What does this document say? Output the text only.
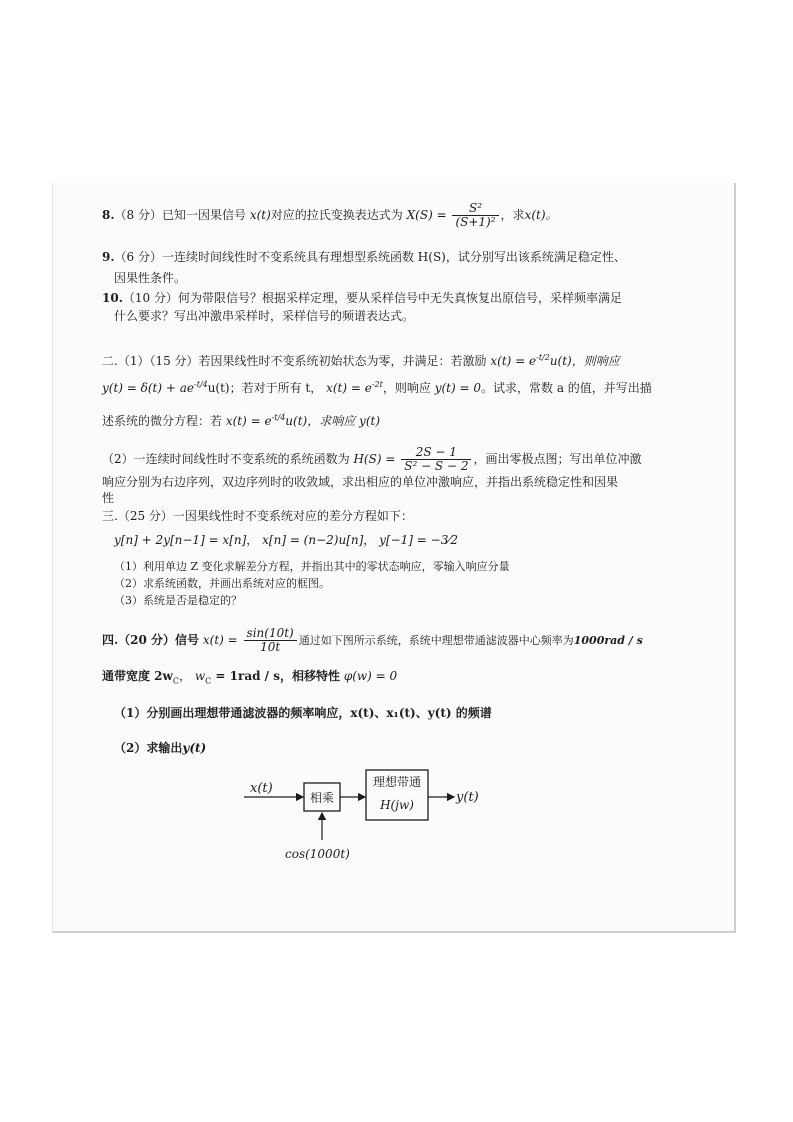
8.（8 分）已知一因果信号 x(t)对应的拉氏变换表达式为 $X(S) = \frac{\text{S²}}{\text{(S+1)²}}$ ，求x(t)。
9.（6 分）一连续时间线性时不变系统具有理想型系统函数 H(S)，试分别写出该系统满足稳定性、
因果性条件。
10.（10 分）何为带限信号？根据采样定理，要从采样信号中无失真恢复出原信号，采样频率满足
什么要求？写出冲激串采样时，采样信号的频谱表达式。
二.（1）（15 分）若因果线性时不变系统初始状态为零，并满足：若激励 $x(t) = e^{-t/2}u(t)$，则响应
$y(t) = \delta(t) + ae^{-t/4}u(t)$；若对于所有 t， $x(t) = e^{-2t}$，则响应 y(t) = 0。试求，常数 a 的值，并写出描
述系统的微分方程：若 $x(t) = e^{-t/4}u(t)$，求响应 y(t)
（2）一连续时间线性时不变系统的系统函数为 $H(S) = \frac{2S - 1}{\text{S² − S − 2}}$ ，画出零极点图；写出单位冲激
响应分别为右边序列，双边序列时的收敛域，求出相应的单位冲激响应，并指出系统稳定性和因果
性
三.（25 分）一因果线性时不变系统对应的差分方程如下：
y[n] + 2y[n−1] = x[n]， x[n] = (n−2)u[n]， y[−1] = −3⁄2
（1）利用单边 Z 变化求解差分方程，并指出其中的零状态响应，零输入响应分量
（2）求系统函数，并画出系统对应的框图。
（3）系统是否是稳定的？
四.（20 分）信号 $x(t) = \frac{\sin(10t)}{10t}$ 通过如下图所示系统，系统中理想带通滤波器中心频率为1000rad / s
通带宽度 $2w_C$， $w_C = 1rad / s$，相移特性 φ(w) = 0
（1）分别画出理想带通滤波器的频率响应，x(t)、x₁(t)、y(t) 的频谱
（2）求输出y(t)
x(t)
相乘
理想带通
H(jw)	y(t)
cos(1000t)
